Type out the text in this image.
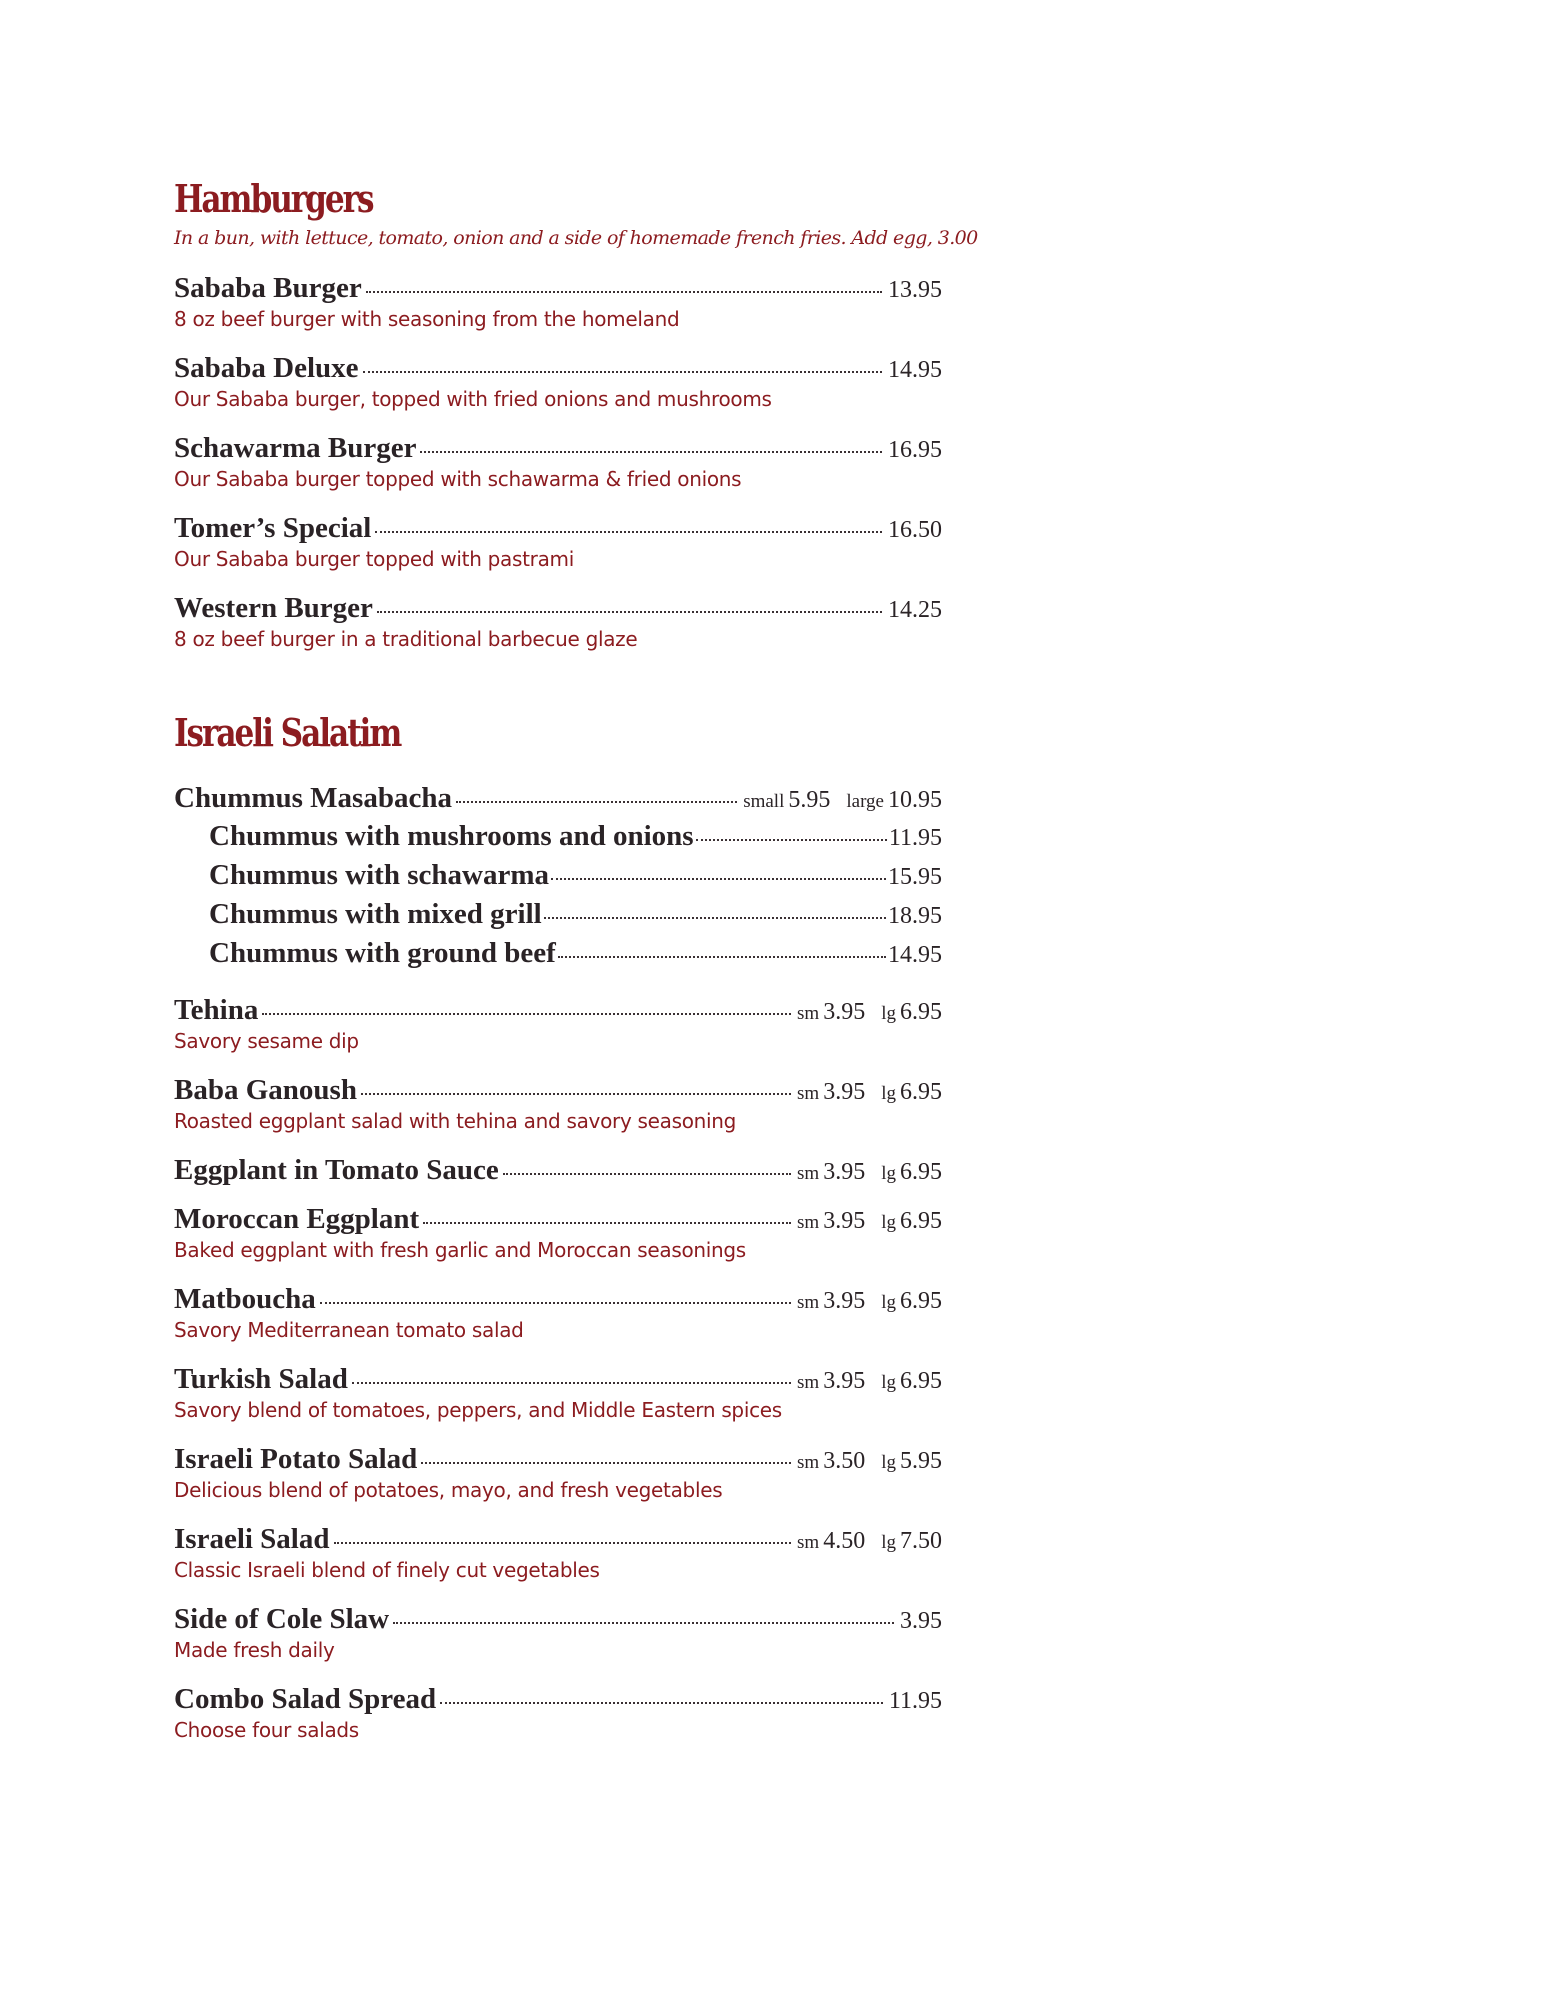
Hamburgers
In a bun, with lettuce, tomato, onion and a side of homemade french fries. Add egg, 3.00
Sababa Burger	13.95
8 oz beef burger with seasoning from the homeland
Sababa Deluxe	14.95
Our Sababa burger, topped with fried onions and mushrooms
Schawarma Burger	16.95
Our Sababa burger topped with schawarma & fried onions
Tomer’s Special	16.50
Our Sababa burger topped with pastrami
Western Burger	14.25
8 oz beef burger in a traditional barbecue glaze
Israeli Salatim
Chummus Masabacha	small 5.95 large 10.95
Chummus with mushrooms and onions	11.95
Chummus with schawarma	15.95
Chummus with mixed grill	18.95
Chummus with ground beef	14.95
Tehina	sm 3.95 lg 6.95
Savory sesame dip
Baba Ganoush	sm 3.95 lg 6.95
Roasted eggplant salad with tehina and savory seasoning
Eggplant in Tomato Sauce	sm 3.95 lg 6.95
Moroccan Eggplant	sm 3.95 lg 6.95
Baked eggplant with fresh garlic and Moroccan seasonings
Matboucha	sm 3.95 lg 6.95
Savory Mediterranean tomato salad
Turkish Salad	sm 3.95 lg 6.95
Savory blend of tomatoes, peppers, and Middle Eastern spices
Israeli Potato Salad	sm 3.50 lg 5.95
Delicious blend of potatoes, mayo, and fresh vegetables
Israeli Salad	sm 4.50 lg 7.50
Classic Israeli blend of finely cut vegetables
Side of Cole Slaw	3.95
Made fresh daily
Combo Salad Spread	11.95
Choose four salads
